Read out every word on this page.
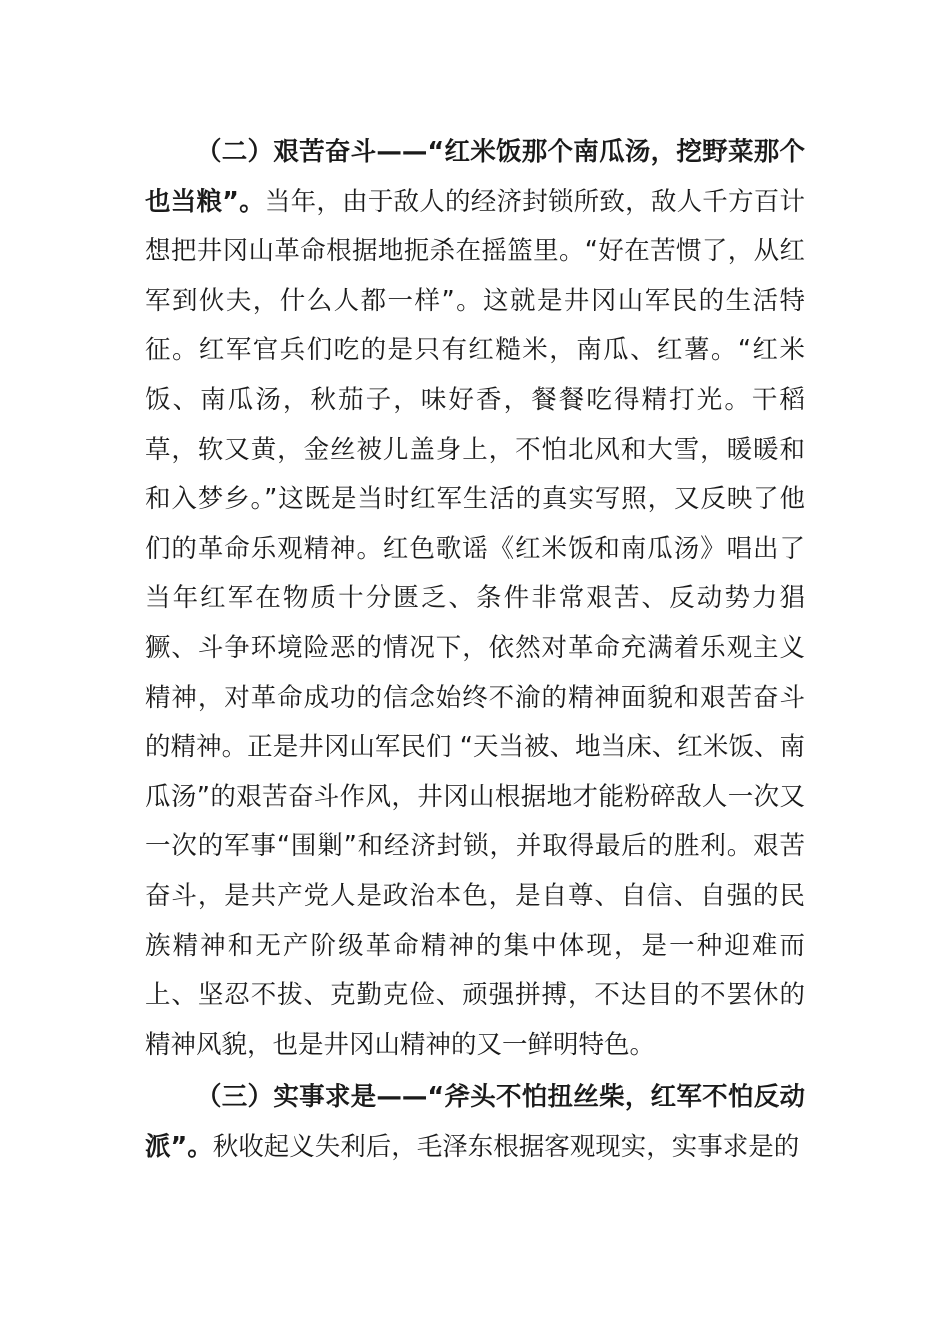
（二）艰苦奋斗——“红米饭那个南瓜汤，挖野菜那个也当粮”。当年，由于敌人的经济封锁所致，敌人千方百计想把井冈山革命根据地扼杀在摇篮里。“好在苦惯了，从红军到伙夫，什么人都一样”。这就是井冈山军民的生活特征。红军官兵们吃的是只有红糙米，南瓜、红薯。“红米饭、南瓜汤，秋茄子，味好香，餐餐吃得精打光。干稻草，软又黄，金丝被儿盖身上，不怕北风和大雪，暖暖和和入梦乡。”这既是当时红军生活的真实写照，又反映了他们的革命乐观精神。红色歌谣《红米饭和南瓜汤》唱出了当年红军在物质十分匮乏、条件非常艰苦、反动势力猖獗、斗争环境险恶的情况下，依然对革命充满着乐观主义精神，对革命成功的信念始终不渝的精神面貌和艰苦奋斗的精神。正是井冈山军民们 “天当被、地当床、红米饭、南瓜汤”的艰苦奋斗作风，井冈山根据地才能粉碎敌人一次又一次的军事“围剿”和经济封锁，并取得最后的胜利。艰苦奋斗，是共产党人是政治本色，是自尊、自信、自强的民族精神和无产阶级革命精神的集中体现，是一种迎难而上、坚忍不拔、克勤克俭、顽强拼搏，不达目的不罢休的精神风貌，也是井冈山精神的又一鲜明特色。

（三）实事求是——“斧头不怕扭丝柴，红军不怕反动派”。秋收起义失利后，毛泽东根据客观现实，实事求是的
